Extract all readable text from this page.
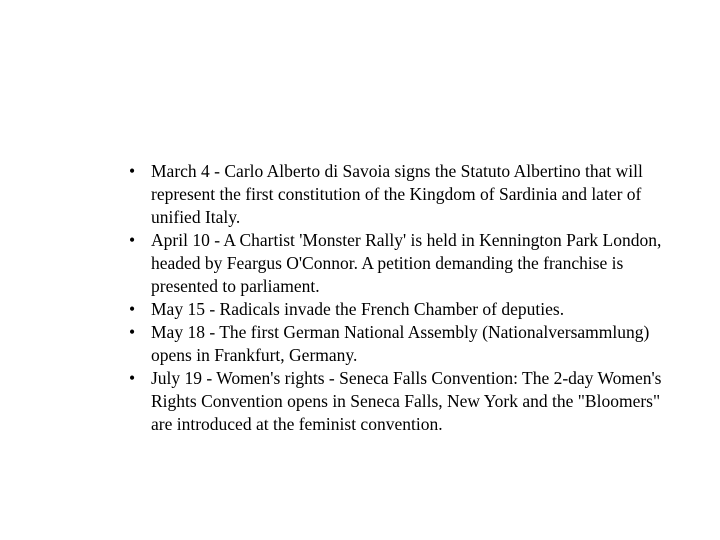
• March 4 - Carlo Alberto di Savoia signs the Statuto Albertino that will represent the first constitution of the Kingdom of Sardinia and later of unified Italy.
• April 10 - A Chartist 'Monster Rally' is held in Kennington Park London, headed by Feargus O'Connor. A petition demanding the franchise is presented to parliament.
• May 15 - Radicals invade the French Chamber of deputies.
• May 18 - The first German National Assembly (Nationalversammlung) opens in Frankfurt, Germany.
• July 19 - Women's rights - Seneca Falls Convention: The 2-day Women's Rights Convention opens in Seneca Falls, New York and the "Bloomers" are introduced at the feminist convention.
